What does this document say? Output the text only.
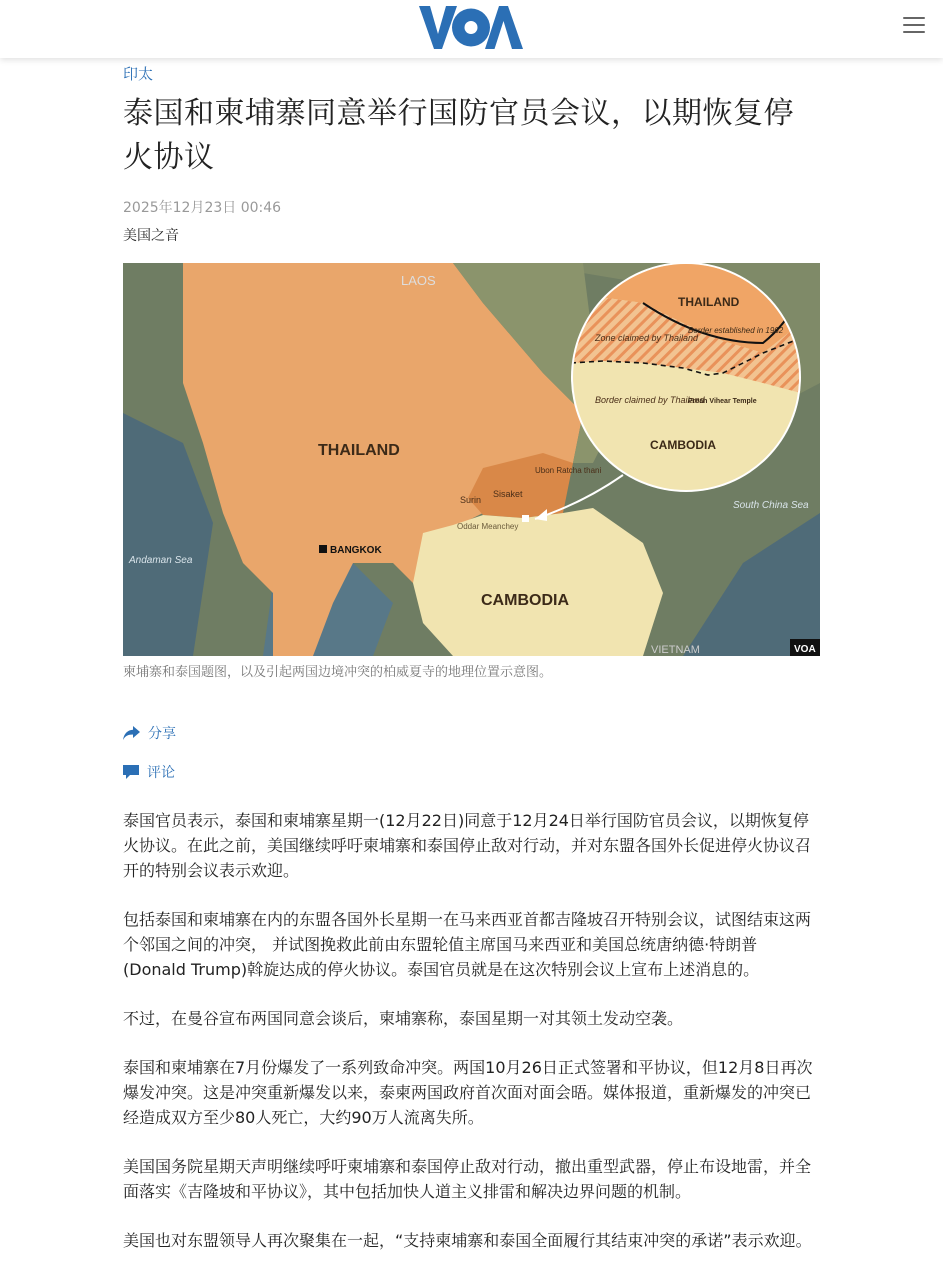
印太
泰国和柬埔寨同意举行国防官员会议，以期恢复停火协议
2025年12月23日 00:46
美国之音
LAOS
THAILAND
CAMBODIA
BANGKOK
Andaman Sea
South China Sea
VIETNAM
Surin
Sisaket
Ubon Ratcha thani
Oddar Meanchey
THAILAND
Zone claimed by Thailand
Border established in 1962
Border claimed by Thailand
Preah Vihear Temple
CAMBODIA
VOA
柬埔寨和泰国题图，以及引起两国边境冲突的柏威夏寺的地理位置示意图。
分享
评论

泰国官员表示，泰国和柬埔寨星期一(12月22日)同意于12月24日举行国防官员会议，以期恢复停火协议。在此之前，美国继续呼吁柬埔寨和泰国停止敌对行动，并对东盟各国外长促进停火协议召开的特别会议表示欢迎。

包括泰国和柬埔寨在内的东盟各国外长星期一在马来西亚首都吉隆坡召开特别会议，试图结束这两个邻国之间的冲突， 并试图挽救此前由东盟轮值主席国马来西亚和美国总统唐纳德·特朗普(Donald Trump)斡旋达成的停火协议。泰国官员就是在这次特别会议上宣布上述消息的。

不过，在曼谷宣布两国同意会谈后，柬埔寨称，泰国星期一对其领土发动空袭。

泰国和柬埔寨在7月份爆发了一系列致命冲突。两国10月26日正式签署和平协议，但12月8日再次爆发冲突。这是冲突重新爆发以来，泰柬两国政府首次面对面会晤。媒体报道，重新爆发的冲突已经造成双方至少80人死亡，大约90万人流离失所。

美国国务院星期天声明继续呼吁柬埔寨和泰国停止敌对行动，撤出重型武器，停止布设地雷，并全面落实《吉隆坡和平协议》，其中包括加快人道主义排雷和解决边界问题的机制。

美国也对东盟领导人再次聚集在一起，“支持柬埔寨和泰国全面履行其结束冲突的承诺”表示欢迎。
